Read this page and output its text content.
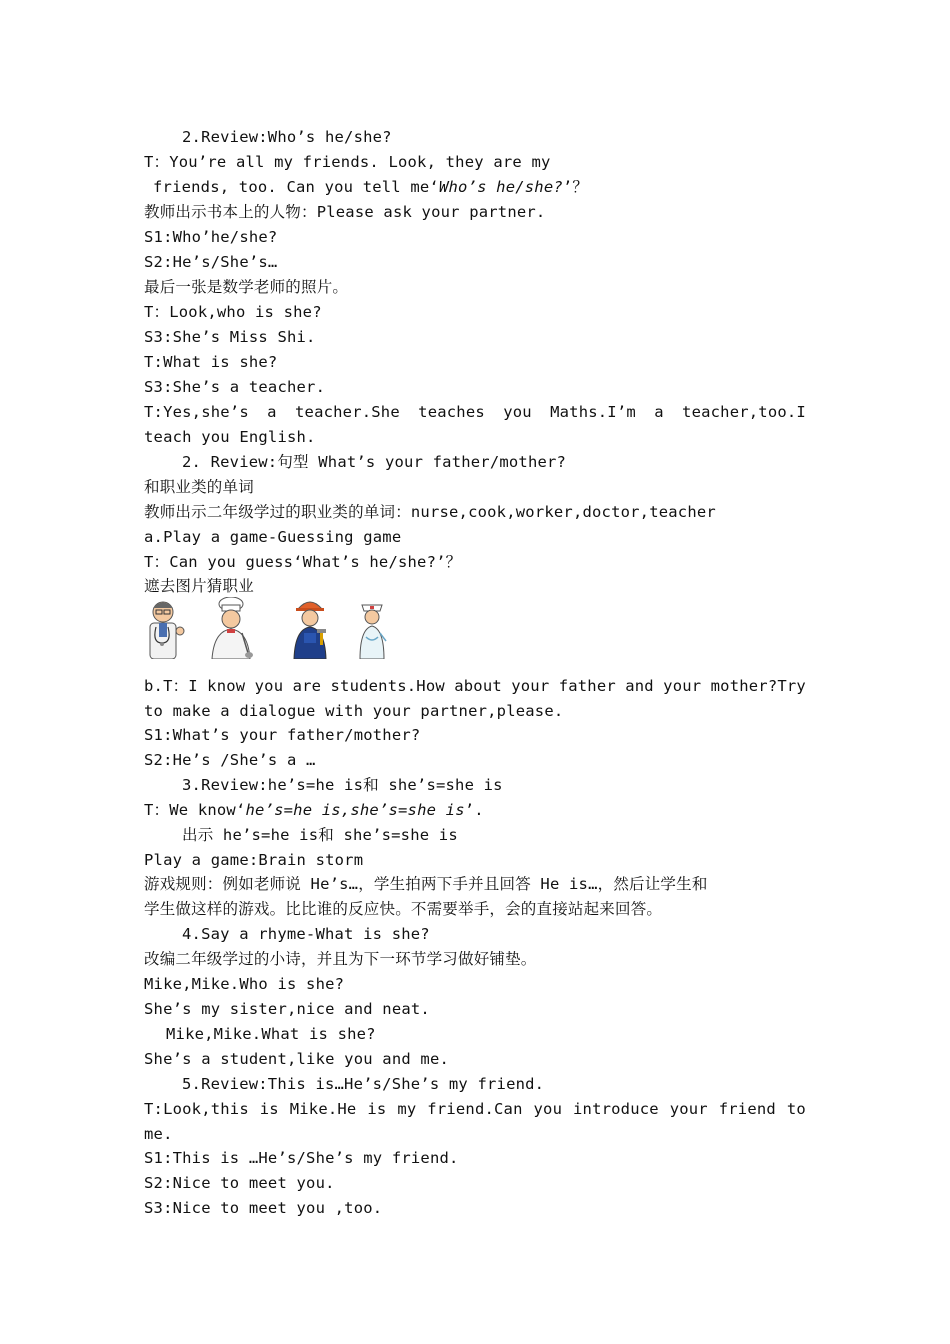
2.Review:Who’s he/she?
T：You’re all my friends. Look, they are my
friends, too. Can you tell me‘Who’s he/she?’？
教师出示书本上的人物：Please ask your partner.
S1:Who’he/she?
S2:He’s/She’s…
最后一张是数学老师的照片。
T：Look,who is she?
S3:She’s Miss Shi.
T:What is she?
S3:She’s a teacher.
T:Yes,she’s a teacher.She teaches you Maths.I’m a teacher,too.I
teach you English.
2. Review:句型 What’s your father/mother?
和职业类的单词
教师出示二年级学过的职业类的单词：nurse,cook,worker,doctor,teacher
a.Play a game-Guessing game
T：Can you guess‘What’s he/she?’？
遮去图片猜职业
b.T：I know you are students.How about your father and your mother?Try
to make a dialogue with your partner,please.
S1:What’s your father/mother?
S2:He’s /She’s a …
3.Review:he’s=he is和 she’s=she is
T：We know‘he’s=he is,she’s=she is’.
出示 he’s=he is和 she’s=she is
Play a game:Brain storm
游戏规则：例如老师说 He’s…，学生拍两下手并且回答 He is…，然后让学生和
学生做这样的游戏。比比谁的反应快。不需要举手，会的直接站起来回答。
4.Say a rhyme-What is she?
改编二年级学过的小诗，并且为下一环节学习做好铺垫。
Mike,Mike.Who is she?
She’s my sister,nice and neat.
Mike,Mike.What is she?
She’s a student,like you and me.
5.Review:This is…He’s/She’s my friend.
T:Look,this is Mike.He is my friend.Can you introduce your friend to
me.
S1:This is …He’s/She’s my friend.
S2:Nice to meet you.
S3:Nice to meet you ,too.
